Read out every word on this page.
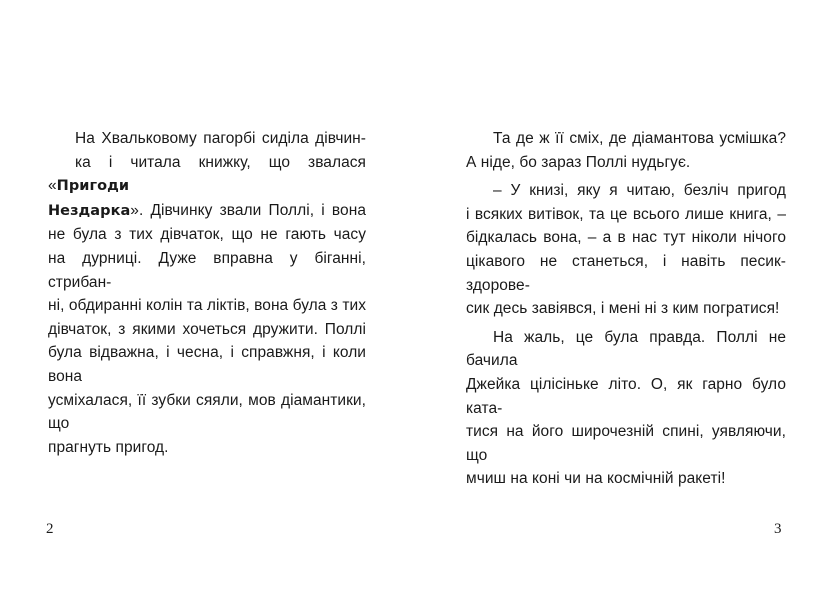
На Хвальковому пагорбі сиділа дівчин-
ка і читала книжку, що звалася «Пригоди
Нездарка». Дівчинку звали Поллі, і вона
не була з тих дівчаток, що не гають часу
на дурниці. Дуже вправна у біганні, стрибан-
ні, обдиранні колін та ліктів, вона була з тих
дівчаток, з якими хочеться дружити. Поллі
була відважна, і чесна, і справжня, і коли вона
усміхалася, її зубки сяяли, мов діамантики, що
прагнуть пригод.

2

Та де ж її сміх, де діамантова усмішка?
А ніде, бо зараз Поллі нудьгує.

– У книзі, яку я читаю, безліч пригод
і всяких витівок, та це всього лише книга, –
бідкалась вона, – а в нас тут ніколи нічого
цікавого не станеться, і навіть песик-здорове-
сик десь завіявся, і мені ні з ким погратися!

На жаль, це була правда. Поллі не бачила
Джейка цілісіньке літо. О, як гарно було ката-
тися на його широчезній спині, уявляючи, що
мчиш на коні чи на космічній ракеті!

3
